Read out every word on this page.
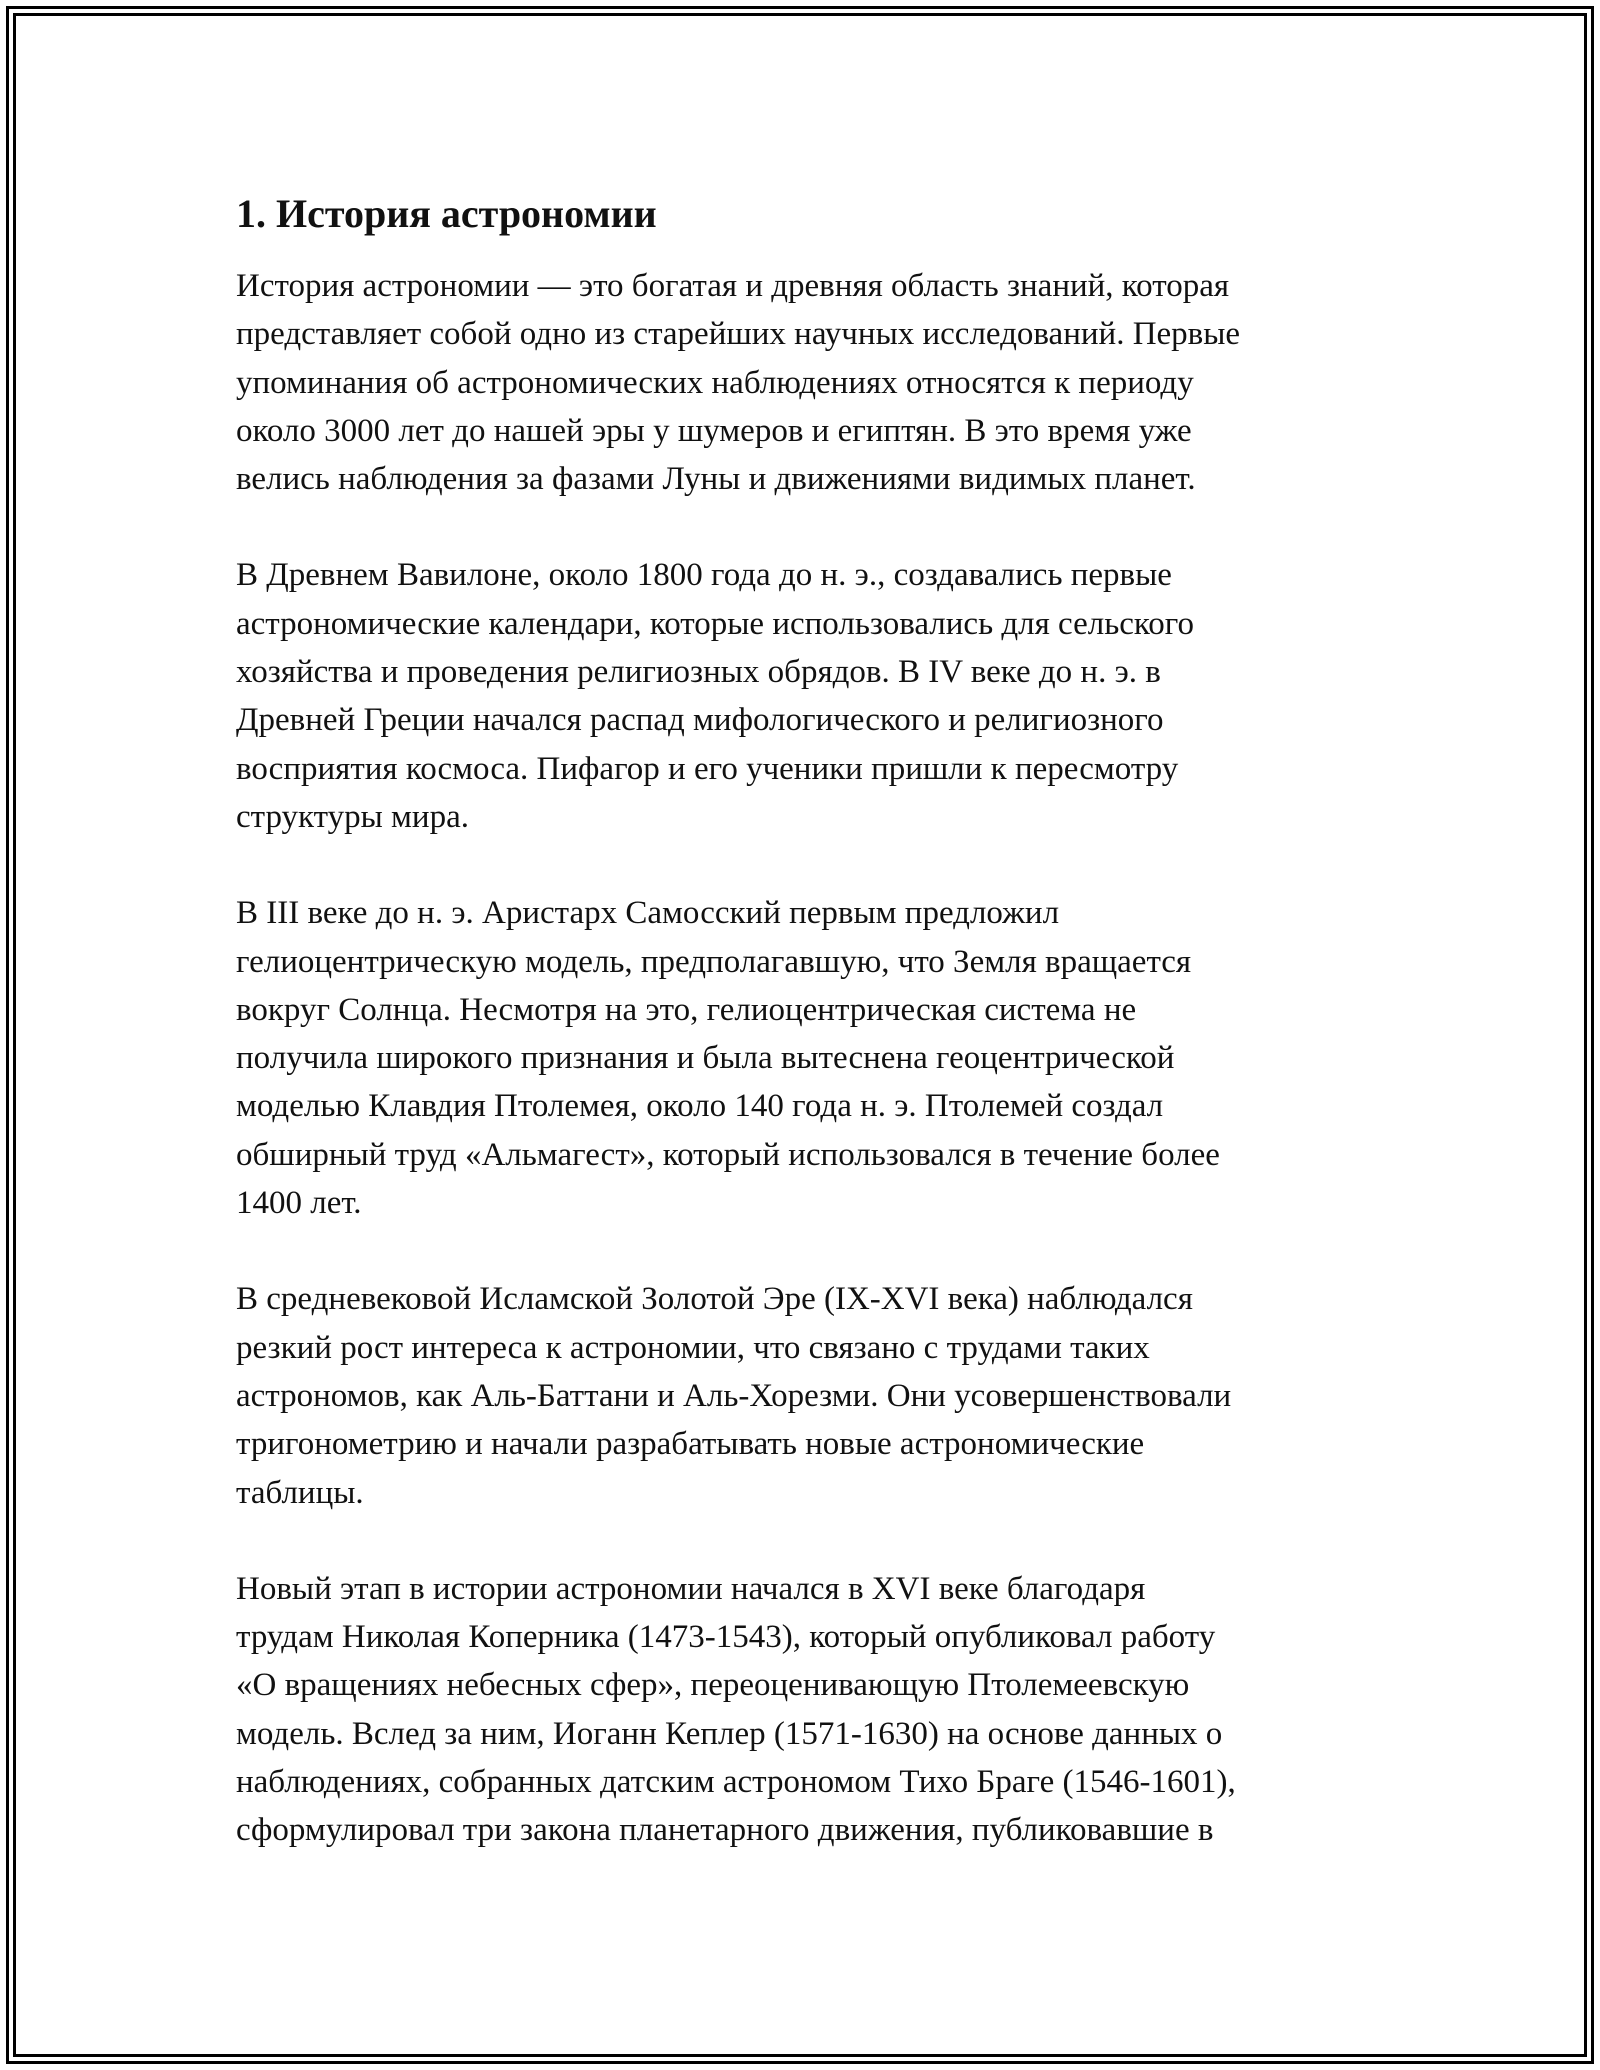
1. История астрономии

История астрономии — это богатая и древняя область знаний, которая
представляет собой одно из старейших научных исследований. Первые
упоминания об астрономических наблюдениях относятся к периоду
около 3000 лет до нашей эры у шумеров и египтян. В это время уже
велись наблюдения за фазами Луны и движениями видимых планет.

В Древнем Вавилоне, около 1800 года до н. э., создавались первые
астрономические календари, которые использовались для сельского
хозяйства и проведения религиозных обрядов. В IV веке до н. э. в
Древней Греции начался распад мифологического и религиозного
восприятия космоса. Пифагор и его ученики пришли к пересмотру
структуры мира.

В III веке до н. э. Аристарх Самосский первым предложил
гелиоцентрическую модель, предполагавшую, что Земля вращается
вокруг Солнца. Несмотря на это, гелиоцентрическая система не
получила широкого признания и была вытеснена геоцентрической
моделью Клавдия Птолемея, около 140 года н. э. Птолемей создал
обширный труд «Альмагест», который использовался в течение более
1400 лет.

В средневековой Исламской Золотой Эре (IX-XVI века) наблюдался
резкий рост интереса к астрономии, что связано с трудами таких
астрономов, как Аль-Баттани и Аль-Хорезми. Они усовершенствовали
тригонометрию и начали разрабатывать новые астрономические
таблицы.

Новый этап в истории астрономии начался в XVI веке благодаря
трудам Николая Коперника (1473-1543), который опубликовал работу
«О вращениях небесных сфер», переоценивающую Птолемеевскую
модель. Вслед за ним, Иоганн Кеплер (1571-1630) на основе данных о
наблюдениях, собранных датским астрономом Тихо Браге (1546-1601),
сформулировал три закона планетарного движения, публиковавшие в
